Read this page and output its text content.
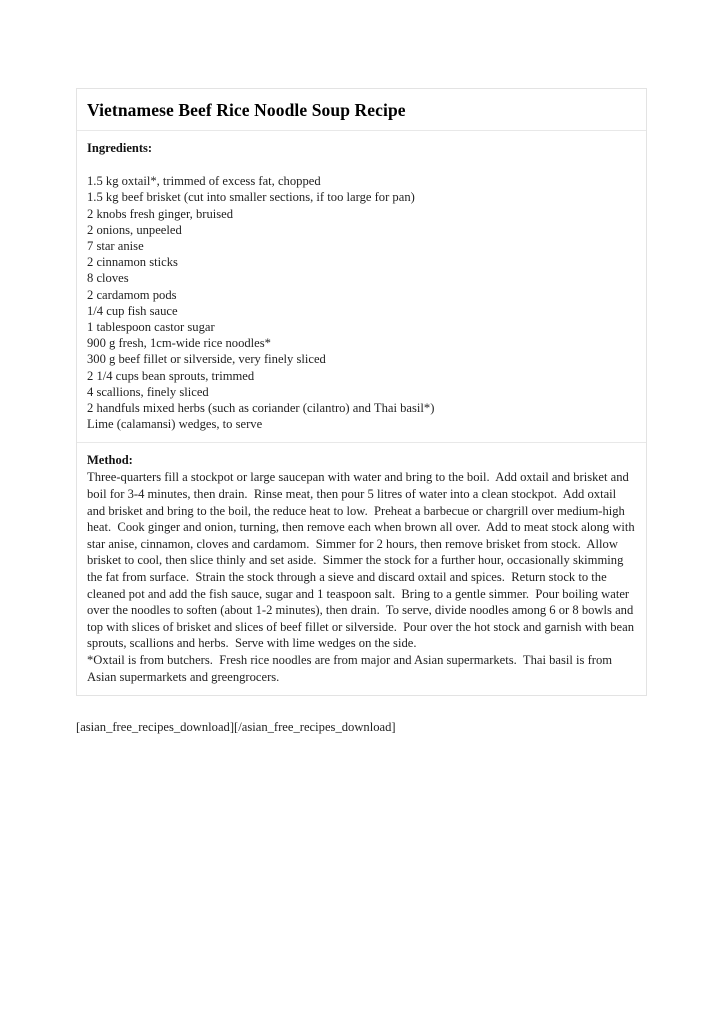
Vietnamese Beef Rice Noodle Soup Recipe
Ingredients:
1.5 kg oxtail*, trimmed of excess fat, chopped
1.5 kg beef brisket (cut into smaller sections, if too large for pan)
2 knobs fresh ginger, bruised
2 onions, unpeeled
7 star anise
2 cinnamon sticks
8 cloves
2 cardamom pods
1/4 cup fish sauce
1 tablespoon castor sugar
900 g fresh, 1cm-wide rice noodles*
300 g beef fillet or silverside, very finely sliced
2 1/4 cups bean sprouts, trimmed
4 scallions, finely sliced
2 handfuls mixed herbs (such as coriander (cilantro) and Thai basil*)
Lime (calamansi) wedges, to serve
Method:
Three-quarters fill a stockpot or large saucepan with water and bring to the boil.  Add oxtail and brisket and boil for 3-4 minutes, then drain.  Rinse meat, then pour 5 litres of water into a clean stockpot.  Add oxtail and brisket and bring to the boil, the reduce heat to low.  Preheat a barbecue or chargrill over medium-high heat.  Cook ginger and onion, turning, then remove each when brown all over.  Add to meat stock along with star anise, cinnamon, cloves and cardamom.  Simmer for 2 hours, then remove brisket from stock.  Allow brisket to cool, then slice thinly and set aside.  Simmer the stock for a further hour, occasionally skimming the fat from surface.  Strain the stock through a sieve and discard oxtail and spices.  Return stock to the cleaned pot and add the fish sauce, sugar and 1 teaspoon salt.  Bring to a gentle simmer.  Pour boiling water over the noodles to soften (about 1-2 minutes), then drain.  To serve, divide noodles among 6 or 8 bowls and top with slices of brisket and slices of beef fillet or silverside.  Pour over the hot stock and garnish with bean sprouts, scallions and herbs.  Serve with lime wedges on the side.
*Oxtail is from butchers.  Fresh rice noodles are from major and Asian supermarkets.  Thai basil is from Asian supermarkets and greengrocers.
[asian_free_recipes_download][/asian_free_recipes_download]
